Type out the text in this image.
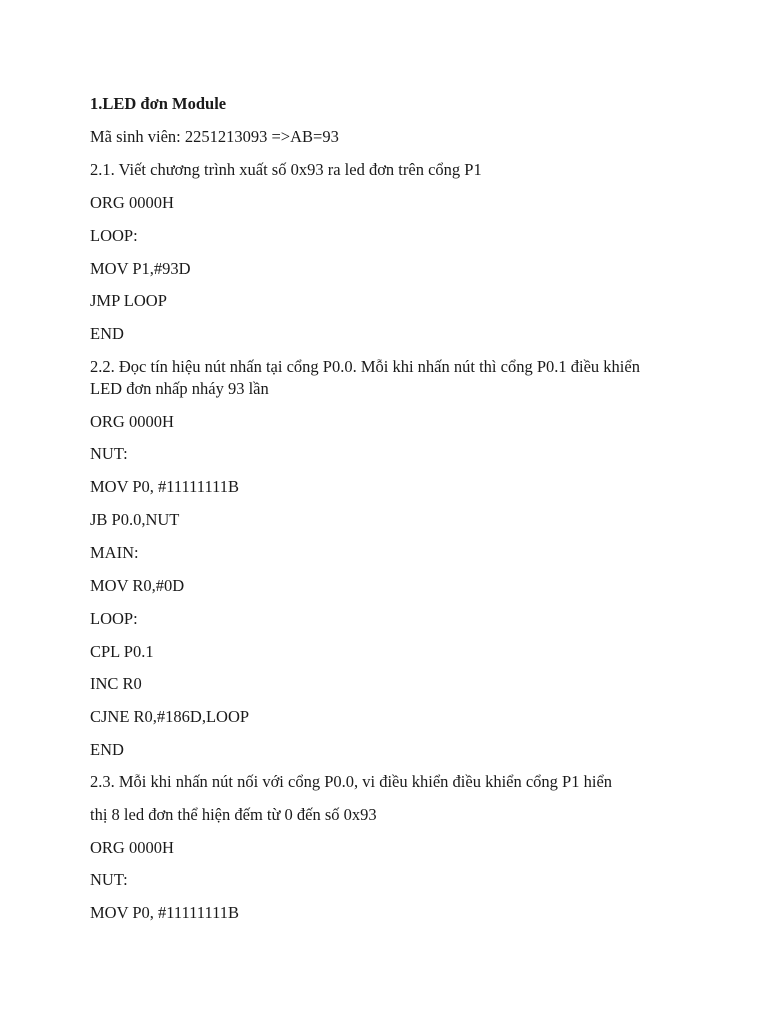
1.LED đơn Module
Mã sinh viên: 2251213093 =>AB=93
2.1. Viết chương trình xuất số 0x93 ra led đơn trên cổng P1
ORG 0000H
LOOP:
MOV P1,#93D
JMP LOOP
END
2.2. Đọc tín hiệu nút nhấn tại cổng P0.0. Mỗi khi nhấn nút thì cổng P0.1 điều khiển
LED đơn nhấp nháy 93 lần
ORG 0000H
NUT:
MOV P0, #11111111B
JB P0.0,NUT
MAIN:
MOV R0,#0D
LOOP:
CPL P0.1
INC R0
CJNE R0,#186D,LOOP
END
2.3. Mỗi khi nhấn nút nối với cổng P0.0, vi điều khiển điều khiển cổng P1 hiển
thị 8 led đơn thể hiện đếm từ 0 đến số 0x93
ORG 0000H
NUT:
MOV P0, #11111111B
